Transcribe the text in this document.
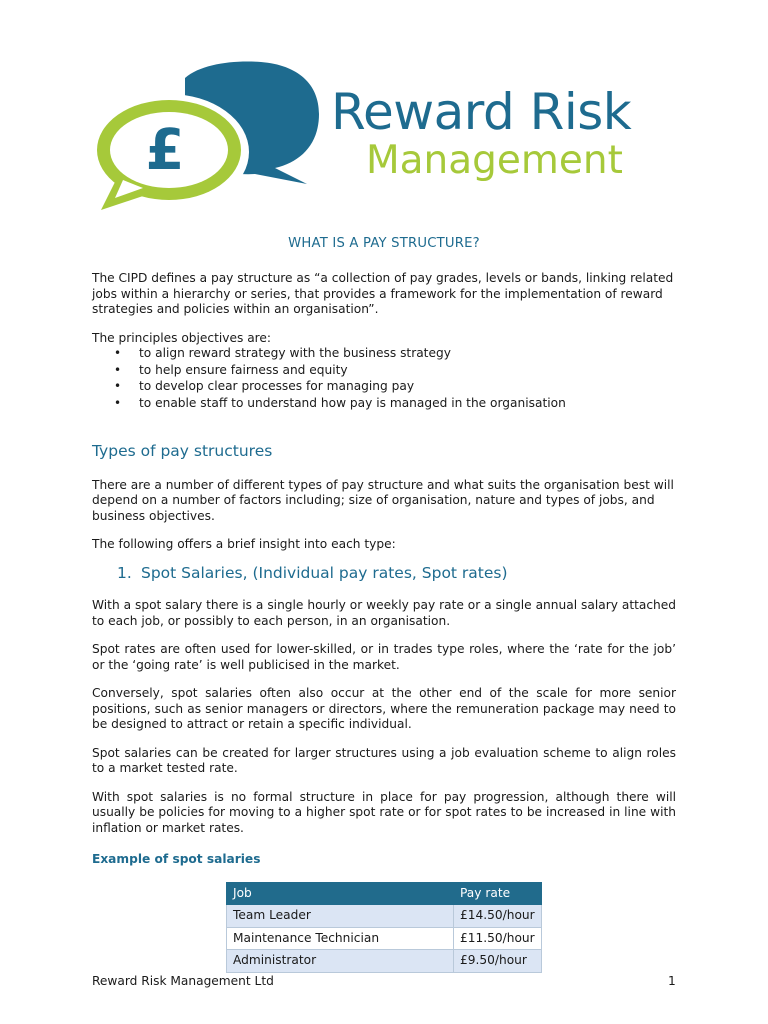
£
Reward Risk
Management
WHAT IS A PAY STRUCTURE?

The CIPD defines a pay structure as “a collection of pay grades, levels or bands, linking related jobs within a hierarchy or series, that provides a framework for the implementation of reward strategies and policies within an organisation”.

The principles objectives are:

• to align reward strategy with the business strategy
• to help ensure fairness and equity
• to develop clear processes for managing pay
• to enable staff to understand how pay is managed in the organisation
Types of pay structures

There are a number of different types of pay structure and what suits the organisation best will depend on a number of factors including; size of organisation, nature and types of jobs, and business objectives.

The following offers a brief insight into each type:

1. Spot Salaries, (Individual pay rates, Spot rates)

With a spot salary there is a single hourly or weekly pay rate or a single annual salary attached to each job, or possibly to each person, in an organisation.

Spot rates are often used for lower-skilled, or in trades type roles, where the ‘rate for the job’ or the ‘going rate’ is well publicised in the market.

Conversely, spot salaries often also occur at the other end of the scale for more senior positions, such as senior managers or directors, where the remuneration package may need to be designed to attract or retain a specific individual.

Spot salaries can be created for larger structures using a job evaluation scheme to align roles to a market tested rate.

With spot salaries is no formal structure in place for pay progression, although there will usually be policies for moving to a higher spot rate or for spot rates to be increased in line with inflation or market rates.

Example of spot salaries
Job	Pay rate
Team Leader	£14.50/hour
Maintenance Technician	£11.50/hour
Administrator	£9.50/hour
Reward Risk Management Ltd	1
